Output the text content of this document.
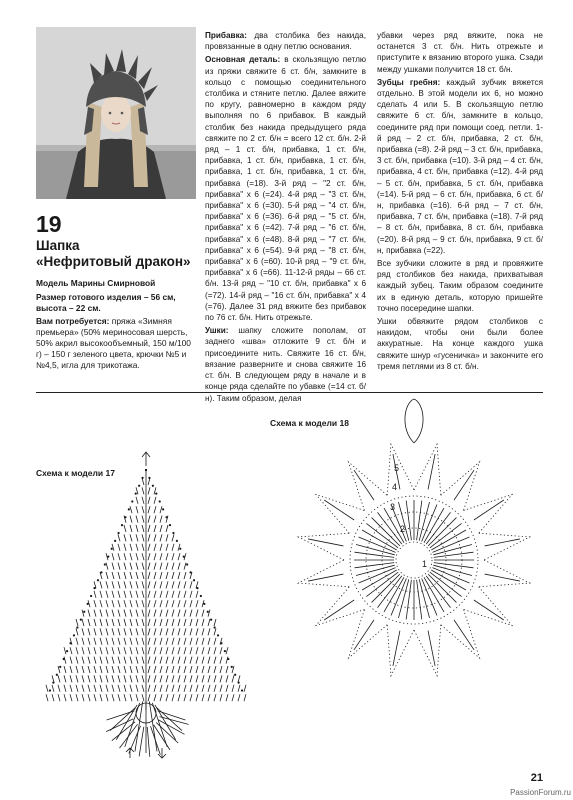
19

Шапка
«Нефритовый дракон»

Модель Марины Смирновой

Размер готового изделия – 56 см, высота – 22 см.

Вам потребуется: пряжа «Зимняя премьера» (50% мериносовая шерсть, 50% акрил высокообъемный, 150 м/100 г) – 150 г зеленого цвета, крючки №5 и №4,5, игла для трикотажа.

Прибавка: два столбика без накида, провязанные в одну петлю основания.

Основная деталь: в скользящую петлю из пряжи свяжите 6 ст. б/н, замкните в кольцо с помощью соединительного столбика и стяните петлю. Далее вяжите по кругу, равномерно в каждом ряду выполняя по 6 прибавок. В каждый столбик без накида предыдущего ряда свяжите по 2 ст. б/н = всего 12 ст. б/н. 2-й ряд – 1 ст. б/н, прибавка, 1 ст. б/н, прибавка, 1 ст. б/н, прибавка, 1 ст. б/н, прибавка, 1 ст. б/н, прибавка, 1 ст. б/н, прибавка (=18). 3-й ряд – "2 ст. б/н, прибавка" x 6 (=24). 4-й ряд – "3 ст. б/н, прибавка" x 6 (=30). 5-й ряд – "4 ст. б/н, прибавка" x 6 (=36). 6-й ряд – "5 ст. б/н, прибавка" x 6 (=42). 7-й ряд – "6 ст. б/н, прибавка" x 6 (=48). 8-й ряд – "7 ст. б/н, прибавка" x 6 (=54). 9-й ряд – "8 ст. б/н, прибавка" x 6 (=60). 10-й ряд – "9 ст. б/н, прибавка" x 6 (=66). 11-12-й ряды – 66 ст. б/н. 13-й ряд – "10 ст. б/н, прибавка" x 6 (=72). 14-й ряд – "16 ст. б/н, прибавка" x 4 (=76). Далее 31 ряд вяжите без прибавок по 76 ст. б/н. Нить отрежьте.

Ушки: шапку сложите пополам, от заднего «шва» отложите 9 ст. б/н и присоедините нить. Свяжите 16 ст. б/н, вязание разверните и снова свяжите 16 ст. б/н. В следующем ряду в начале и в конце ряда сделайте по убавке (=14 ст. б/н). Таким образом, делая

убавки через ряд вяжите, пока не останется 3 ст. б/н. Нить отрежьте и приступите к вязанию второго ушка. Сзади между ушками получится 18 ст. б/н.

Зубцы гребня: каждый зубчик вяжется отдельно. В этой модели их 6, но можно сделать 4 или 5. В скользящую петлю свяжите 6 ст. б/н, замкните в кольцо, соедините ряд при помощи соед. петли. 1-й ряд – 2 ст. б/н, прибавка, 2 ст. б/н, прибавка (=8). 2-й ряд – 3 ст. б/н, прибавка, 3 ст. б/н, прибавка (=10). 3-й ряд – 4 ст. б/н, прибавка, 4 ст. б/н, прибавка (=12). 4-й ряд – 5 ст. б/н, прибавка, 5 ст. б/н, прибавка (=14). 5-й ряд – 6 ст. б/н, прибавка, 6 ст. б/н, прибавка (=16). 6-й ряд – 7 ст. б/н, прибавка, 7 ст. б/н, прибавка (=18). 7-й ряд – 8 ст. б/н, прибавка, 8 ст. б/н, прибавка (=20). 8-й ряд – 9 ст. б/н, прибавка, 9 ст. б/н, прибавка (=22).

Все зубчики сложите в ряд и провяжите ряд столбиков без накида, прихватывая каждый зубец. Таким образом соедините их в единую деталь, которую пришейте точно посередине шапки.

Ушки обвяжите рядом столбиков с накидом, чтобы они были более аккуратные. На конце каждого ушка свяжите шнур «гусеничка» и закончите его тремя петлями из 8 ст. б/н.

Схема к модели 17
Схема к модели 18
1
2
3
4
5
21
PassionForum.ru
